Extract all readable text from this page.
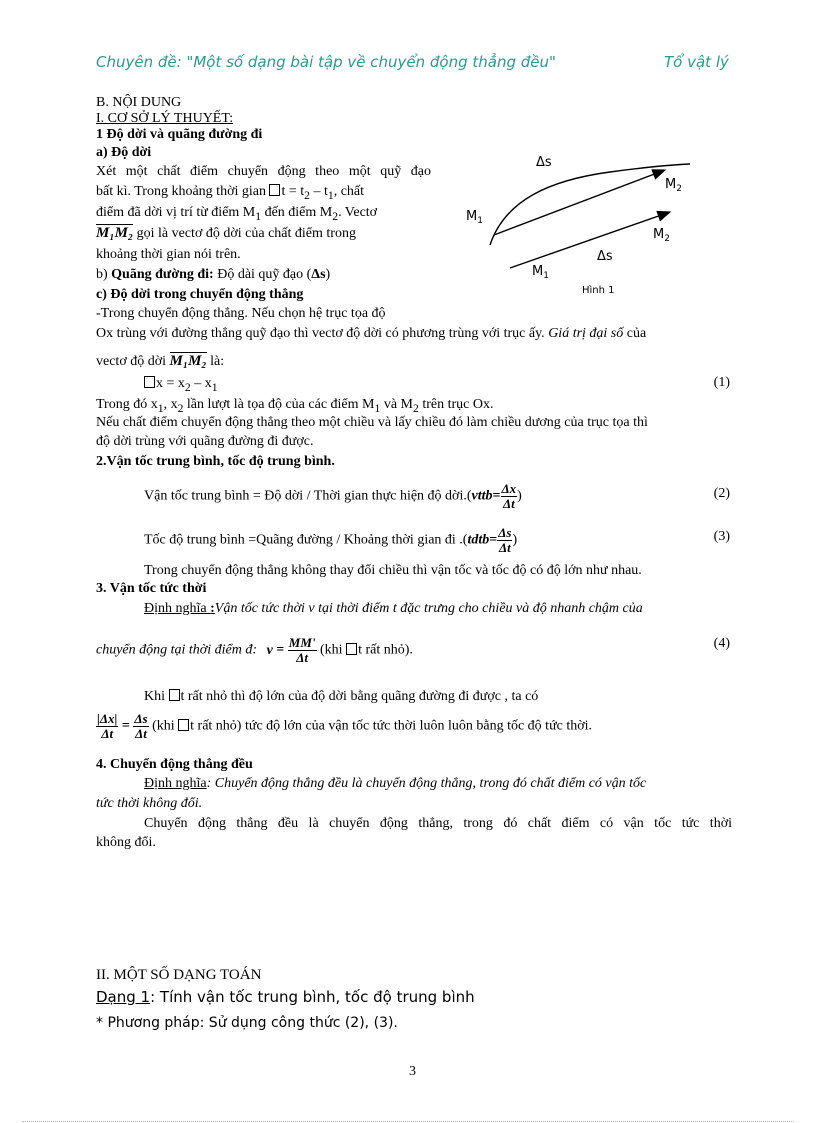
Chuyên đề: "Một số dạng bài tập về chuyển động thẳng đều"	Tổ vật lý
B. NỘI DUNG
I. CƠ SỞ LÝ THUYẾT:
1 Độ dời và quãng đường đi
a) Độ dời
Xét một chất điểm chuyển động theo một quỹ đạo
bất kì. Trong khoảng thời gian $t = t_2 - t_1$, chất
điểm đã dời vị trí từ điểm $M_1$ đến điểm $M_2$. Vectơ
M₁M₂ gọi là vectơ độ dời của chất điểm trong
khoảng thời gian nói trên.
b) Quãng đường đi: Độ dài quỹ đạo (Δs)
c) Độ dời trong chuyển động thẳng
-Trong chuyển động thẳng. Nếu chọn hệ trục tọa độ
Δs
$M_2$
$M_1$
$M_2$
Δs
$M_1$
Hình 1
Ox trùng với đường thẳng quỹ đạo thì vectơ độ dời có phương trùng với trục ấy. Giá trị đại số của
vectơ độ dời M₁M₂ là:
$x = x_2 - x_1$	(1)
Trong đó $x_1$, $x_2$ lần lượt là tọa độ của các điểm $M_1$ và $M_2$ trên trục Ox.
Nếu chất điểm chuyển động thẳng theo một chiều và lấy chiều đó làm chiều dương của trục tọa thì
độ dời trùng với quãng đường đi được.
2.Vận tốc trung bình, tốc độ trung bình.
Vận tốc trung bình = Độ dời / Thời gian thực hiện độ dời.(vttb= $\frac{\Delta x}{\Delta t}$ )	(2)
Tốc độ trung bình =Quãng đường / Khoảng thời gian đi .(tdtb= $\frac{\Delta s}{\Delta t}$ )	(3)
Trong chuyển động thẳng không thay đổi chiều thì vận tốc và tốc độ có độ lớn như nhau.
3. Vận tốc tức thời
Định nghĩa :Vận tốc tức thời v tại thời điểm t đặc trưng cho chiều và độ nhanh chậm của
chuyển động tại thời điểm đ: $v = \frac{MM'}{\Delta t} (khi$ t rất nhỏ).	(4)
Khi t rất nhỏ thì độ lớn của độ dời bằng quãng đường đi được , ta có
$\frac{|\Delta x|}{\Delta t} = \frac{\Delta s}{\Delta t} (khi$ t rất nhỏ) tức độ lớn của vận tốc tức thời luôn luôn bằng tốc độ tức thời.
4. Chuyển động thẳng đều
Định nghĩa: Chuyển động thẳng đều là chuyển động thẳng, trong đó chất điểm có vận tốc
tức thời không đổi.
Chuyển động thẳng đều là chuyển động thẳng, trong đó chất điểm có vận tốc tức thời
không đổi.
II. MỘT SỐ DẠNG TOÁN
Dạng 1: Tính vận tốc trung bình, tốc độ trung bình
* Phương pháp: Sử dụng công thức (2), (3).
3
